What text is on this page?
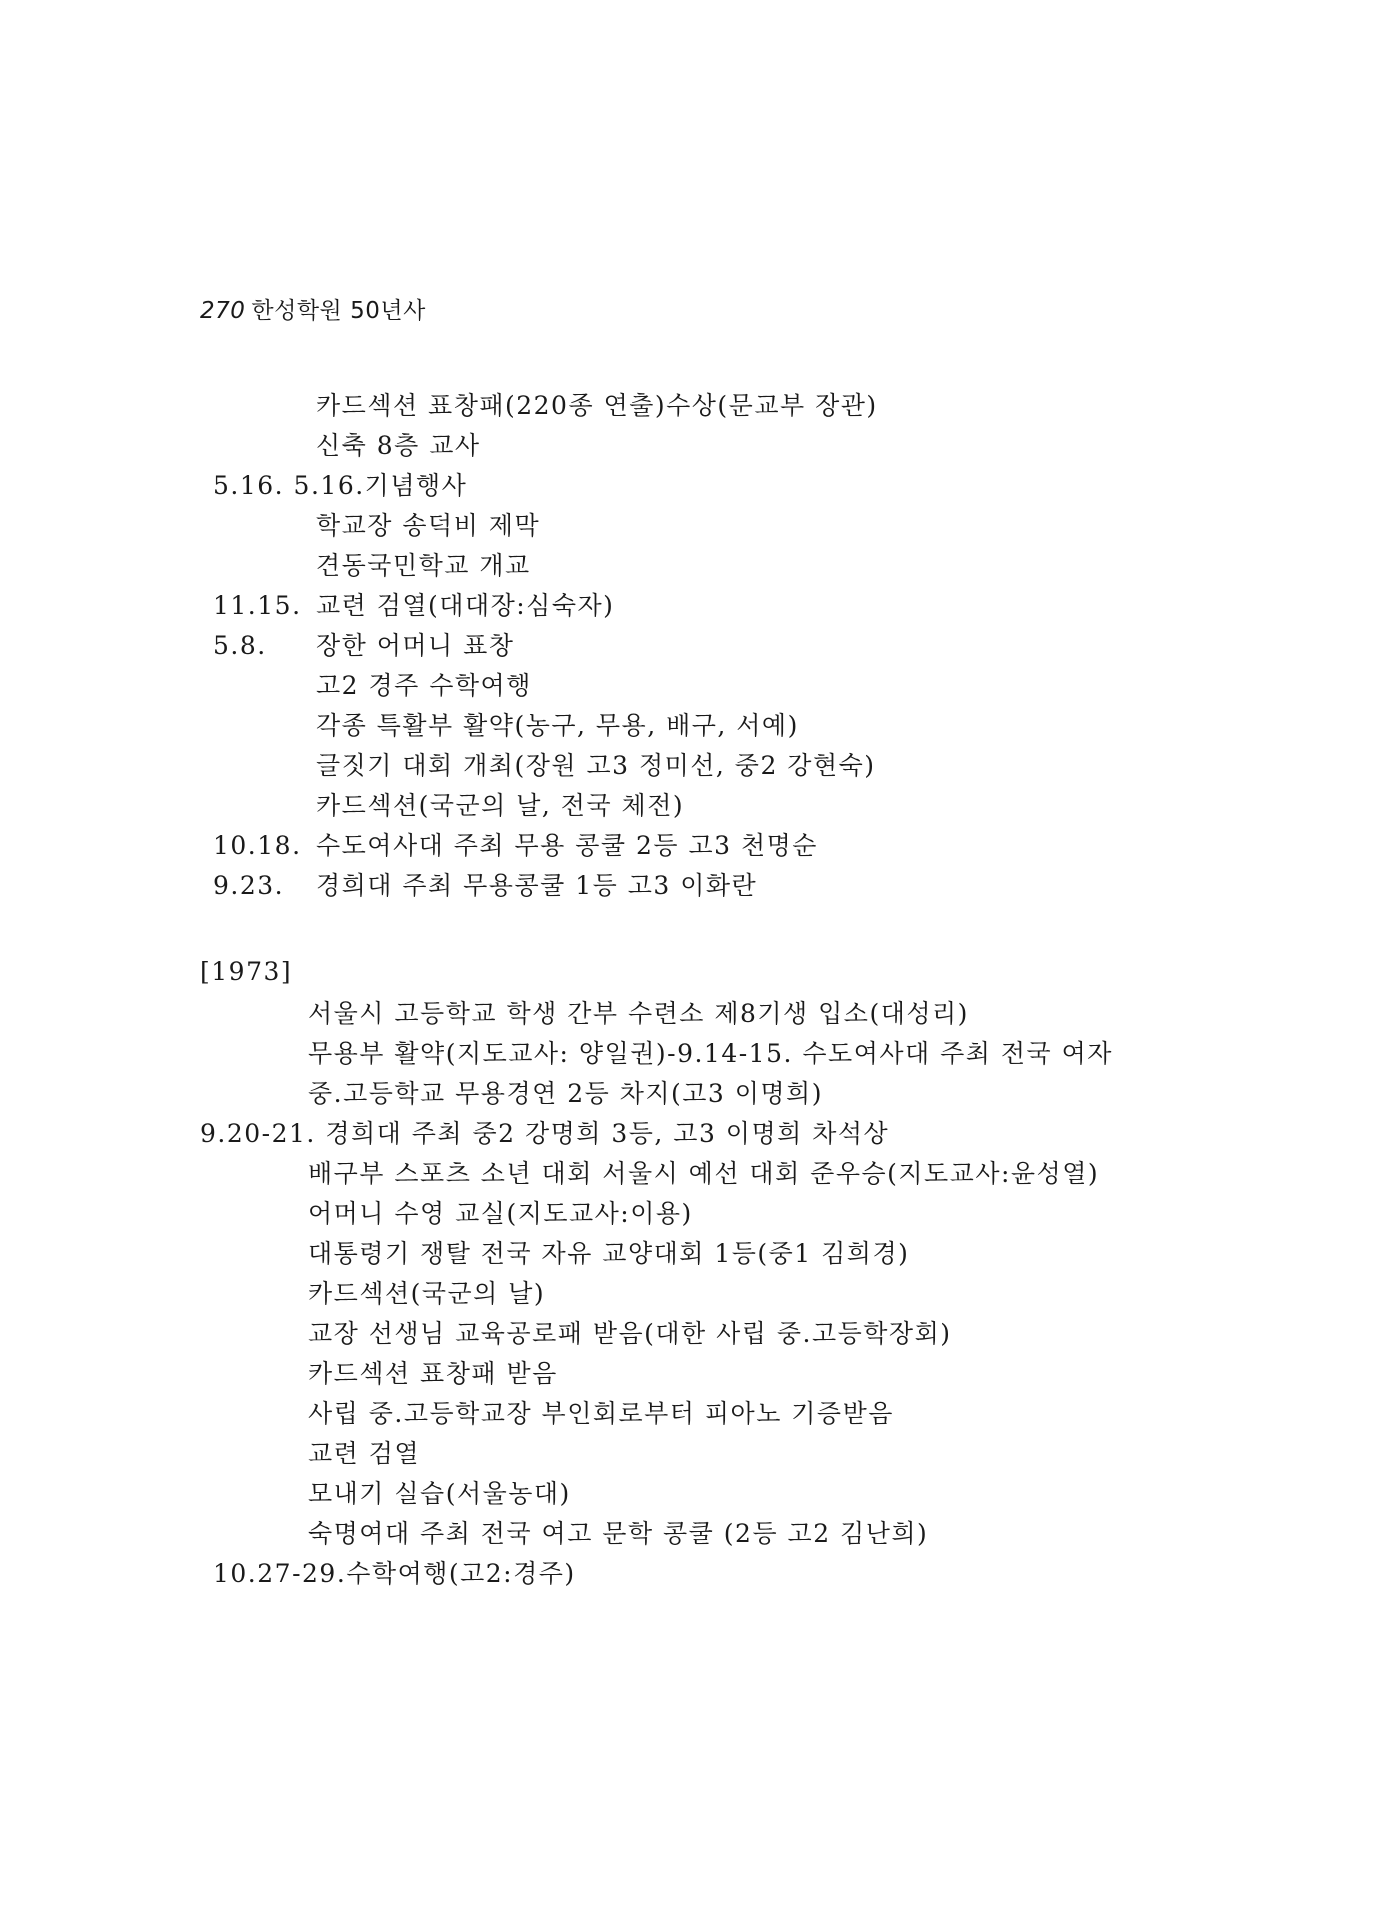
270 한성학원 50년사
카드섹션 표창패(220종 연출)수상(문교부 장관)
신축 8층 교사
5.16. 5.16.기념행사
학교장 송덕비 제막
견동국민학교 개교
11.15. 교련 검열(대대장:심숙자)
5.8. 장한 어머니 표창
고2 경주 수학여행
각종 특활부 활약(농구, 무용, 배구, 서예)
글짓기 대회 개최(장원 고3 정미선, 중2 강현숙)
카드섹션(국군의 날, 전국 체전)
10.18. 수도여사대 주최 무용 콩쿨 2등 고3 천명순
9.23. 경희대 주최 무용콩쿨 1등 고3 이화란
[1973]
서울시 고등학교 학생 간부 수련소 제8기생 입소(대성리)
무용부 활약(지도교사: 양일권)-9.14-15. 수도여사대 주최 전국 여자
중.고등학교 무용경연 2등 차지(고3 이명희)
9.20-21. 경희대 주최 중2 강명희 3등, 고3 이명희 차석상
배구부 스포츠 소년 대회 서울시 예선 대회 준우승(지도교사:윤성열)
어머니 수영 교실(지도교사:이용)
대통령기 쟁탈 전국 자유 교양대회 1등(중1 김희경)
카드섹션(국군의 날)
교장 선생님 교육공로패 받음(대한 사립 중.고등학장회)
카드섹션 표창패 받음
사립 중.고등학교장 부인회로부터 피아노 기증받음
교련 검열
모내기 실습(서울농대)
숙명여대 주최 전국 여고 문학 콩쿨 (2등 고2 김난희)
10.27-29.수학여행(고2:경주)
